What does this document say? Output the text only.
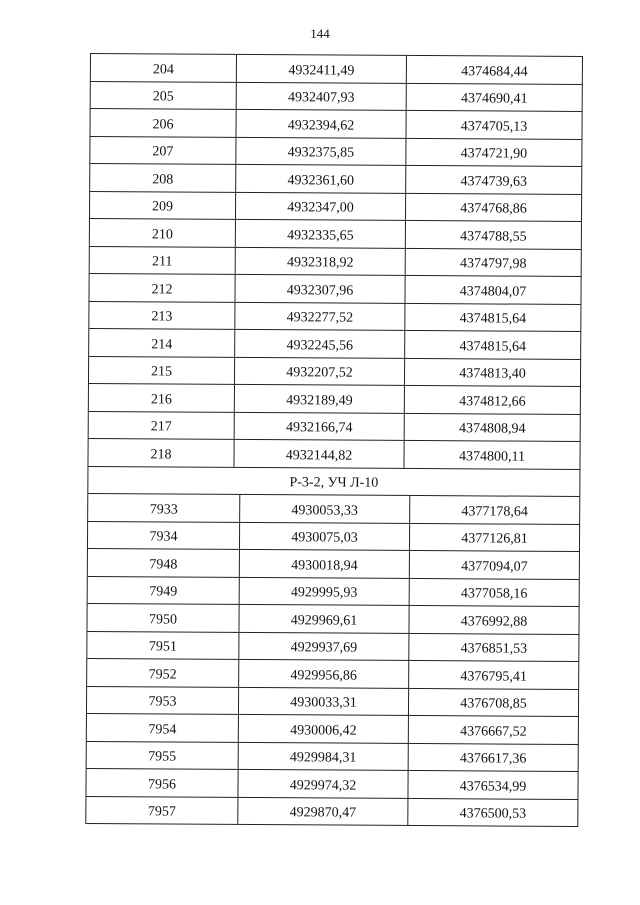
144
204	4932411,49	4374684,44
205	4932407,93	4374690,41
206	4932394,62	4374705,13
207	4932375,85	4374721,90
208	4932361,60	4374739,63
209	4932347,00	4374768,86
210	4932335,65	4374788,55
211	4932318,92	4374797,98
212	4932307,96	4374804,07
213	4932277,52	4374815,64
214	4932245,56	4374815,64
215	4932207,52	4374813,40
216	4932189,49	4374812,66
217	4932166,74	4374808,94
218	4932144,82	4374800,11
Р-3-2, УЧ Л-10
7933	4930053,33	4377178,64
7934	4930075,03	4377126,81
7948	4930018,94	4377094,07
7949	4929995,93	4377058,16
7950	4929969,61	4376992,88
7951	4929937,69	4376851,53
7952	4929956,86	4376795,41
7953	4930033,31	4376708,85
7954	4930006,42	4376667,52
7955	4929984,31	4376617,36
7956	4929974,32	4376534,99
7957	4929870,47	4376500,53
